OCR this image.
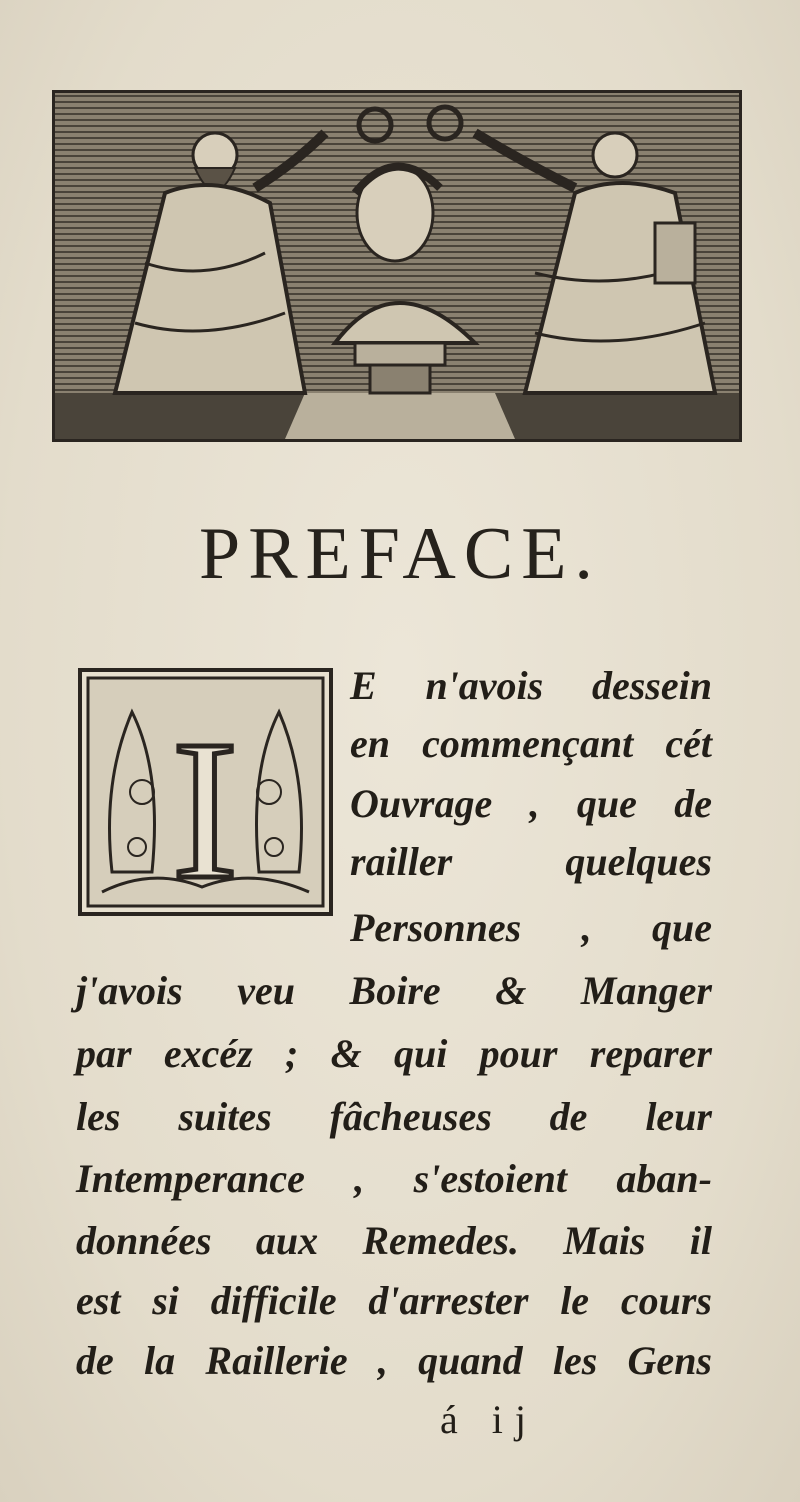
PREFACE.
I
E n'avois dessein
en commençant cét
Ouvrage , que de
railler quelques
Personnes , que
j'avois veu Boire & Manger
par excéz ; & qui pour reparer
les suites fâcheuses de leur
Intemperance , s'estoient aban-
données aux Remedes. Mais il
est si difficile d'arrester le cours
de la Raillerie , quand les Gens
á ij
